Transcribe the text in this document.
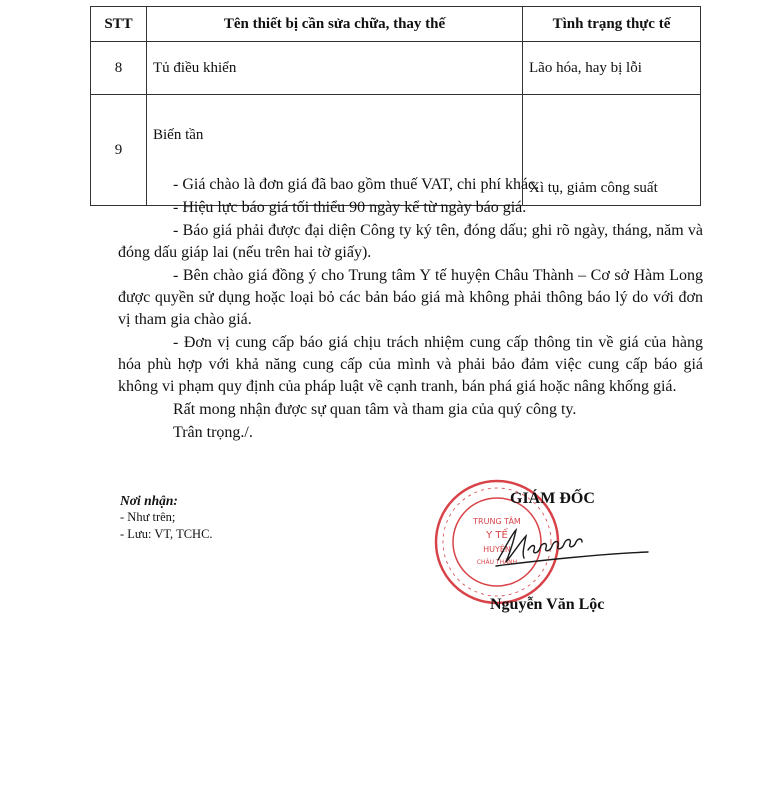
STT	Tên thiết bị cần sửa chữa, thay thế	Tình trạng thực tế
8	Tủ điều khiển	Lão hóa, hay bị lỗi
9	Biến tần	Xì tụ, giảm công suất

- Giá chào là đơn giá đã bao gồm thuế VAT, chi phí khác.

- Hiệu lực báo giá tối thiểu 90 ngày kể từ ngày báo giá.

- Báo giá phải được đại diện Công ty ký tên, đóng dấu; ghi rõ ngày, tháng, năm và đóng dấu giáp lai (nếu trên hai tờ giấy).

- Bên chào giá đồng ý cho Trung tâm Y tế huyện Châu Thành – Cơ sở Hàm Long được quyền sử dụng hoặc loại bỏ các bản báo giá mà không phải thông báo lý do với đơn vị tham gia chào giá.

- Đơn vị cung cấp báo giá chịu trách nhiệm cung cấp thông tin về giá của hàng hóa phù hợp với khả năng cung cấp của mình và phải bảo đảm việc cung cấp báo giá không vi phạm quy định của pháp luật về cạnh tranh, bán phá giá hoặc nâng khống giá.

Rất mong nhận được sự quan tâm và tham gia của quý công ty.

Trân trọng./.

Nơi nhận:
- Như trên;
- Lưu: VT, TCHC.
TRUNG TÂM
Y TẾ
HUYỆN
CHÂU THÀNH
GIÁM ĐỐC
Nguyễn Văn Lộc
